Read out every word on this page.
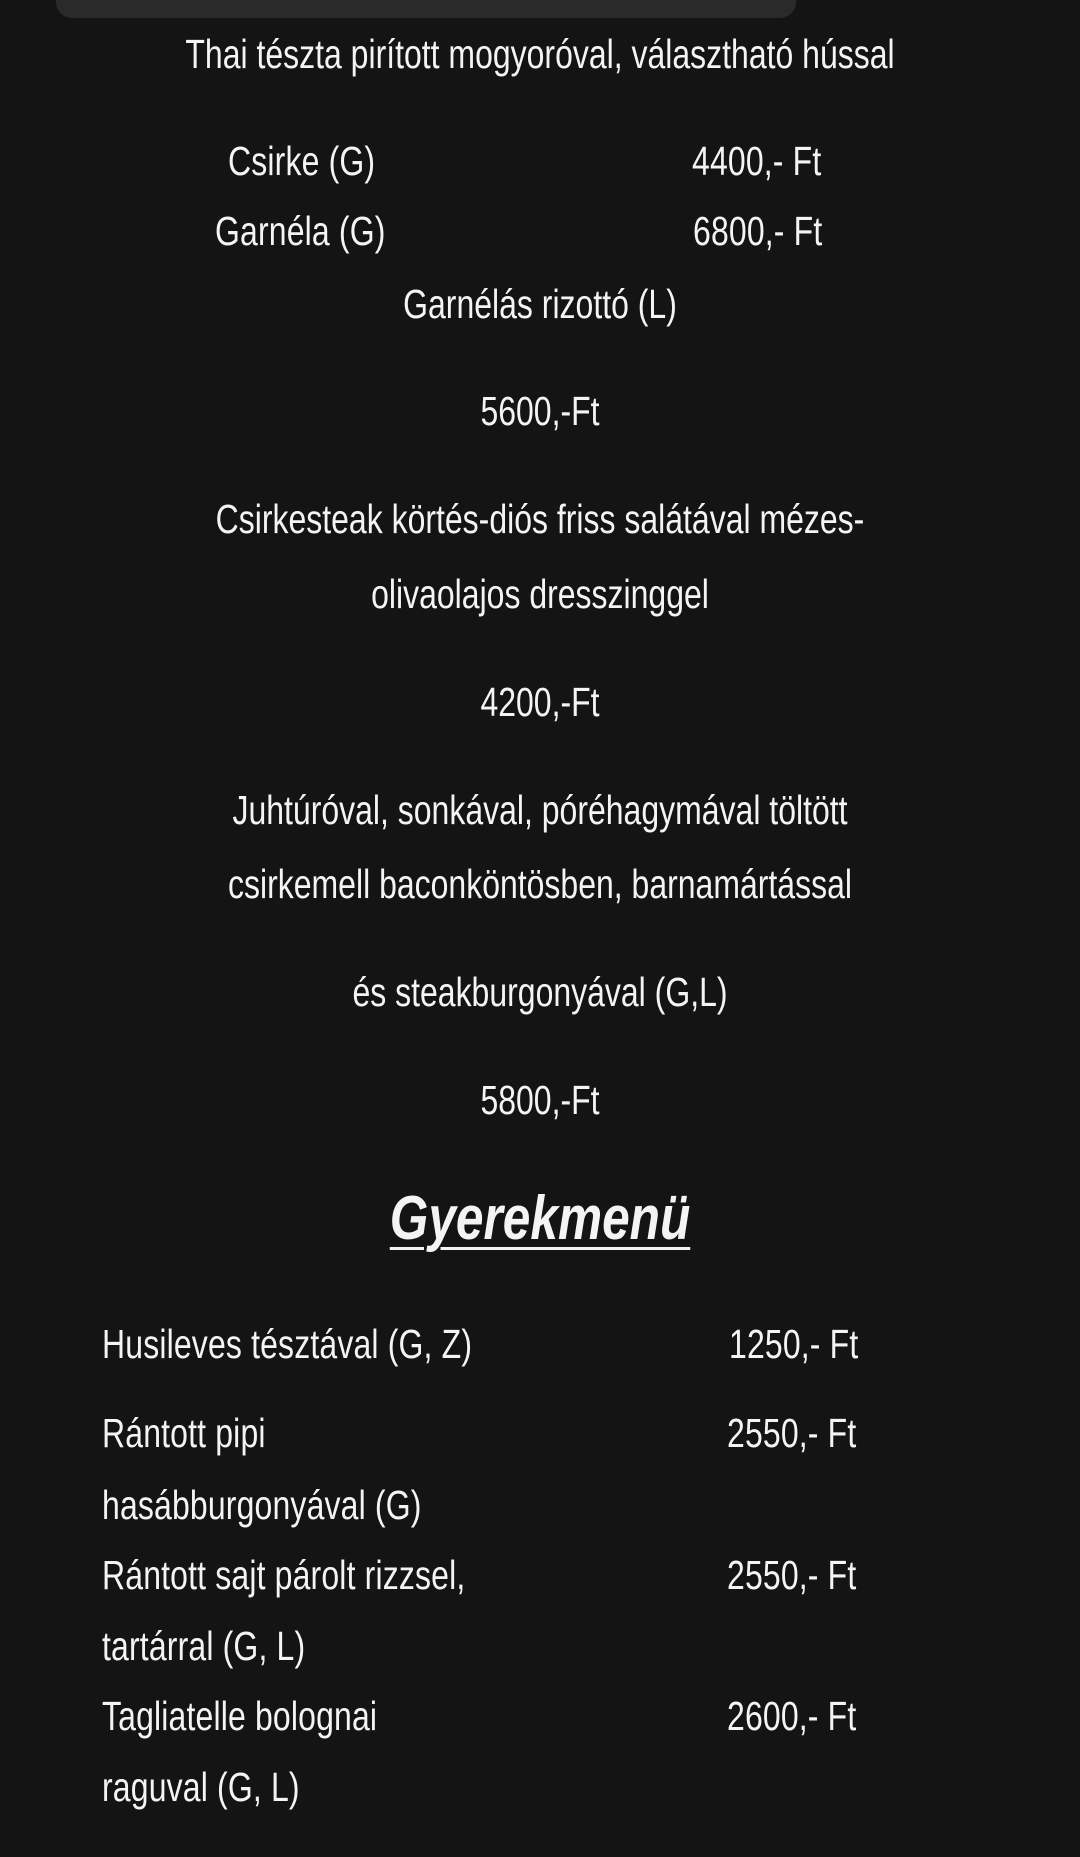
Thai tészta pirított mogyoróval, választható hússal
Csirke (G)	4400,- Ft
Garnéla (G)	6800,- Ft
Garnélás rizottó (L)
5600,-Ft
Csirkesteak körtés-diós friss salátával mézes-
olivaolajos dresszinggel
4200,-Ft
Juhtúróval, sonkával, póréhagymával töltött
csirkemell baconköntösben, barnamártással
és steakburgonyával (G,L)
5800,-Ft
Gyerekmenü
Husileves tésztával (G, Z)	1250,- Ft
Rántott pipi
hasábburgonyával (G)
2550,- Ft
Rántott sajt párolt rizzsel,
tartárral (G, L)
2550,- Ft
Tagliatelle bolognai
raguval (G, L)
2600,- Ft
